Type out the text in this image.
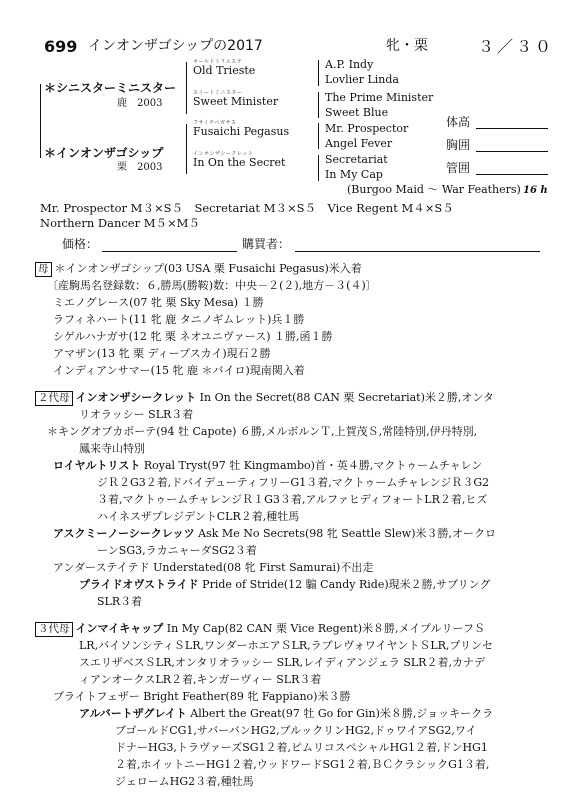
699 インオンザゴシップの2017	牝・栗	３／３０
＊シニスターミニスター
鹿　2003
＊インオンザゴシップ
栗　2003
オールドトリエステ
Old Trieste
スイートミニスター
Sweet Minister
フサイチペガサス
Fusaichi Pegasus
インオンザシークレット
In On the Secret
A.P. Indy
Lovlier Linda
The Prime Minister
Sweet Blue
Mr. Prospector
Angel Fever
Secretariat
In My Cap
(Burgoo Maid ～ War Feathers) 16 h
体高
胸囲
管囲
Mr. Prospector M３×S５　Secretariat M３×S５　Vice Regent M４×S５
Northern Dancer M５×M５
価格：	購買者：
母 ＊インオンザゴシップ(03 USA 栗 Fusaichi Pegasus)米入着
〔産駒馬名登録数：６,勝馬(勝鞍)数：中央－２(２),地方－３(４)〕
ミエノグレース(07 牝 栗 Sky Mesa) １勝
ラフィネハート(11 牝 鹿 タニノギムレット)兵１勝
シゲルハナガサ(12 牝 栗 ネオユニヴァース) １勝,函１勝
アマザン(13 牝 栗 ディープスカイ)現石２勝
インディアンサマー(15 牝 鹿 ＊バイロ)現南関入着
２代母 インオンザシークレット In On the Secret(88 CAN 栗 Secretariat)米２勝,オンタ
リオラッシー SLR３着
＊キングオブカポーテ(94 牡 Capote) ６勝,メルボルンＴ,上賀茂Ｓ,常陸特別,伊丹特別,
鳳来寺山特別
ロイヤルトリスト Royal Tryst(97 牡 Kingmambo)首・英４勝,マクトゥームチャレン
ジＲ２G3２着,ドバイデューティフリーG1３着,マクトゥームチャレンジＲ３G2
３着,マクトゥームチャレンジＲ１G3３着,アルファヒディフォートLR２着,ヒズ
ハイネスザプレジデントCLR２着,種牡馬
アスクミーノーシークレッツ Ask Me No Secrets(98 牝 Seattle Slew)米３勝,オークロ
ーンSG3,ラカニャーダSG2３着
アンダーステイテド Understated(08 牝 First Samurai)不出走
プライドオヴストライド Pride of Stride(12 騸 Candy Ride)現米２勝,サブリング
SLR３着
３代母 インマイキャップ In My Cap(82 CAN 栗 Vice Regent)米８勝,メイプルリーフＳ
LR,バイソンシティＳLR,ワンダーホエアＳLR,ラブレヴォワイヤントＳLR,プリンセ
スエリザベスＳLR,オンタリオラッシー SLR,レイディアンジェラ SLR２着,カナデ
ィアンオークスLR２着,キンガーヴィー SLR３着
ブライトフェザー Bright Feather(89 牝 Fappiano)米３勝
アルバートザグレイト Albert the Great(97 牡 Go for Gin)米８勝,ジョッキークラ
ブゴールドCG1,サバーバンHG2,ブルックリンHG2,ドゥワイアSG2,ワイ
ドナーHG3,トラヴァーズSG1２着,ピムリコスペシャルHG1２着,ドンHG1
２着,ホイットニーHG1２着,ウッドワードSG1２着,ＢＣクラシックG1３着,
ジェロームHG2３着,種牡馬
